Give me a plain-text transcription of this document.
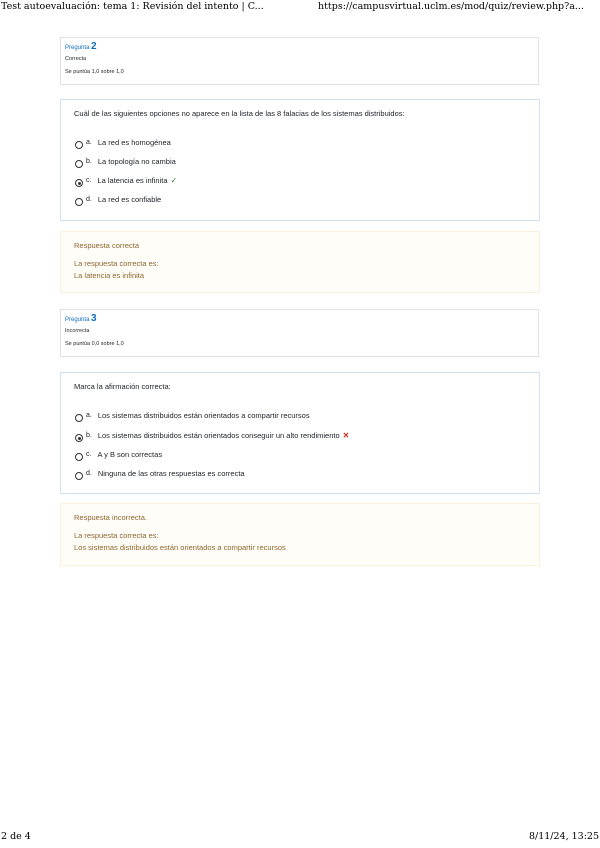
Test autoevaluación: tema 1: Revisión del intento | C...	https://campusvirtual.uclm.es/mod/quiz/review.php?a...
Pregunta 2
Correcta
Se puntúa 1,0 sobre 1,0
Cuál de las siguientes opciones no aparece en la lista de las 8 falacias de los sistemas distribuidos:
a. La red es homogénea
b. La topología no cambia
c. La latencia es infinita ✓
d. La red es confiable
Respuesta correcta
La respuesta correcta es:
La latencia es infinita
Pregunta 3
Incorrecta
Se puntúa 0,0 sobre 1,0
Marca la afirmación correcta:
a. Los sistemas distribuidos están orientados a compartir recursos
b. Los sistemas distribuidos están orientados conseguir un alto rendimiento ✕
c. A y B son correctas
d. Ninguna de las otras respuestas es correcta
Respuesta incorrecta.
La respuesta correcta es:
Los sistemas distribuidos están orientados a compartir recursos
2 de 4	8/11/24, 13:25
